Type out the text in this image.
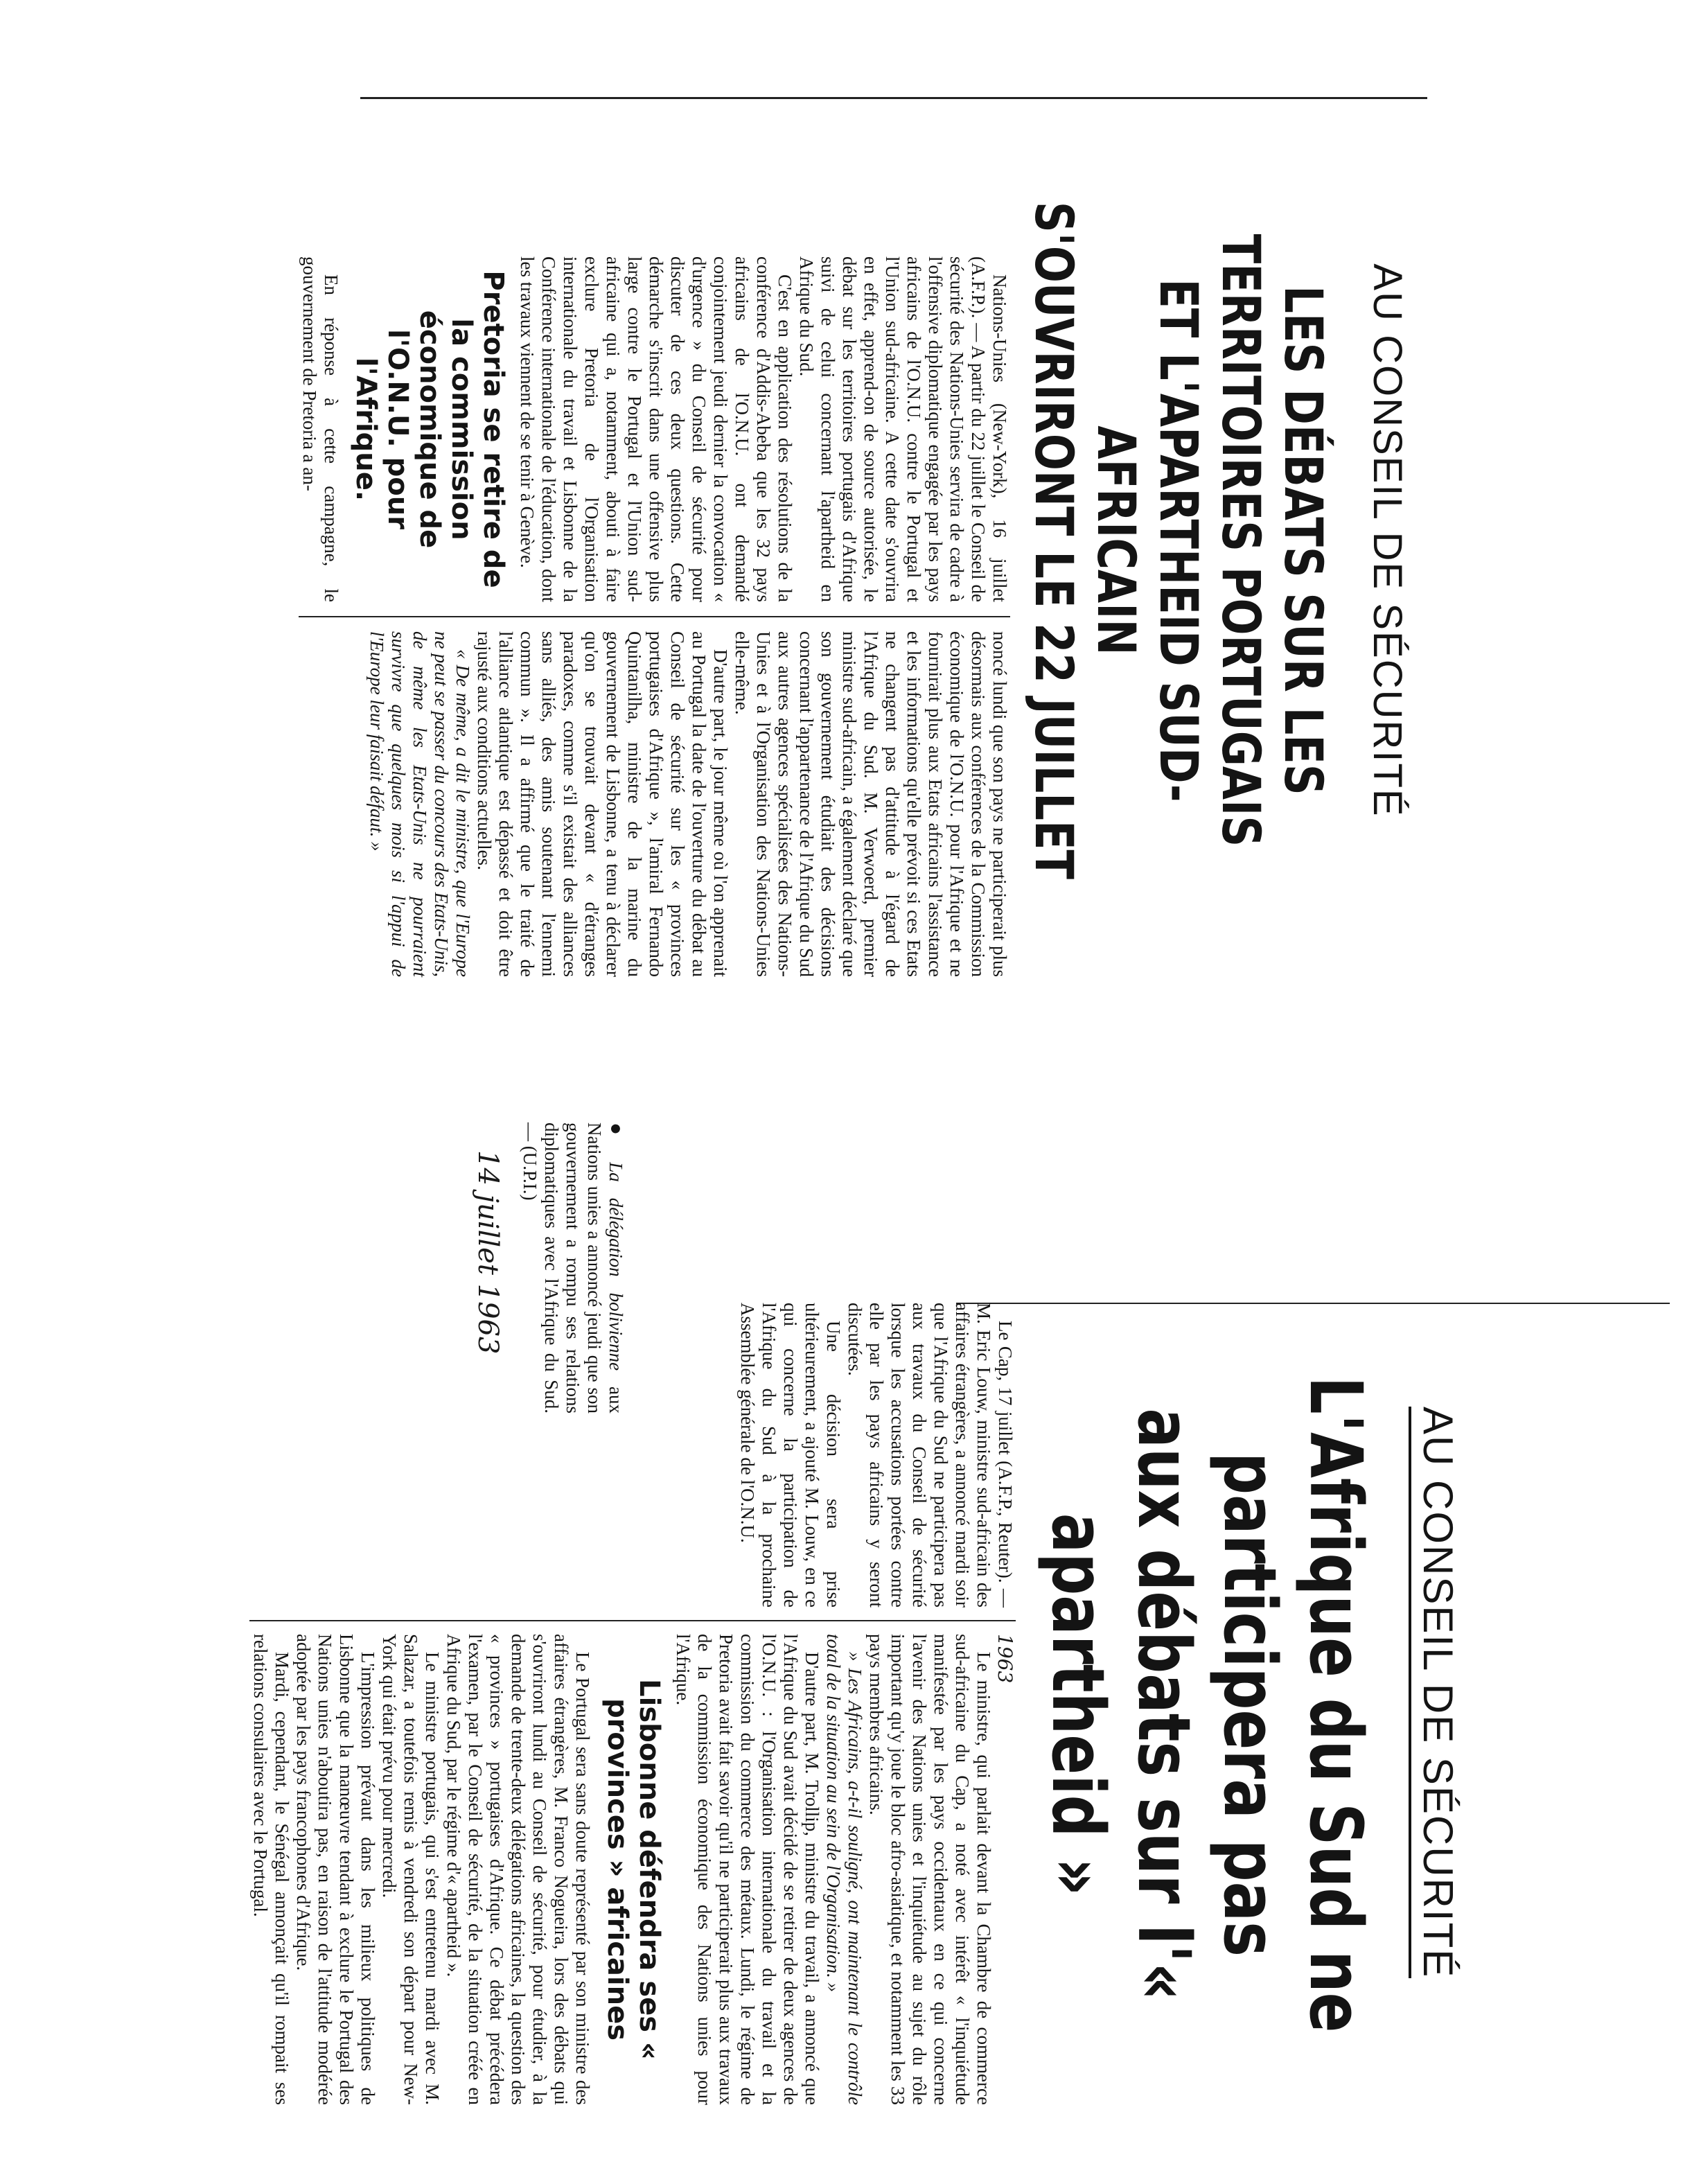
AU CONSEIL DE SÉCURITÉ
LES DÉBATS SUR LES TERRITOIRES PORTUGAIS
ET L'APARTHEID SUD-AFRICAIN
S'OUVRIRONT LE 22 JUILLET

Nations-Unies (New-York), 16 juillet (A.F.P.). — A partir du 22 juillet le Conseil de sécurité des Nations-Unies servira de cadre à l'offensive diplomatique engagée par les pays africains de l'O.N.U. contre le Portugal et l'Union sud-africaine. A cette date s'ouvrira en effet, apprend-on de source autorisée, le débat sur les territoires portugais d'Afrique suivi de celui concernant l'apartheid en Afrique du Sud.

C'est en application des résolutions de la conférence d'Addis-Abeba que les 32 pays africains de l'O.N.U. ont demandé conjointement jeudi dernier la convocation « d'urgence » du Conseil de sécurité pour discuter de ces deux questions. Cette démarche s'inscrit dans une offensive plus large contre le Portugal et l'Union sud-africaine qui a, notamment, abouti à faire exclure Pretoria de l'Organisation internationale du travail et Lisbonne de la Conférence internationale de l'éducation, dont les travaux viennent de se tenir à Genève.

Pretoria se retire de la commission économique de l'O.N.U. pour l'Afrique.

En réponse à cette campagne, le gouvernement de Pretoria a an-

noncé lundi que son pays ne participerait plus désormais aux conférences de la Commission économique de l'O.N.U. pour l'Afrique et ne fournirait plus aux Etats africains l'assistance et les informations qu'elle prévoit si ces Etats ne changent pas d'attitude à l'égard de l'Afrique du Sud. M. Verwoerd, premier ministre sud-africain, a également déclaré que son gouvernement étudiait des décisions concernant l'appartenance de l'Afrique du Sud aux autres agences spécialisées des Nations-Unies et à l'Organisation des Nations-Unies elle-même.

D'autre part, le jour même où l'on apprenait au Portugal la date de l'ouverture du débat au Conseil de sécurité sur les « provinces portugaises d'Afrique », l'amiral Fernando Quintanilha, ministre de la marine du gouvernement de Lisbonne, a tenu à déclarer qu'on se trouvait devant « d'étranges paradoxes, comme s'il existait des alliances sans alliés, des amis soutenant l'ennemi commun ». Il a affirmé que le traité de l'alliance atlantique est dépassé et doit être rajusté aux conditions actuelles.

« De même, a dit le ministre, que l'Europe ne peut se passer du concours des Etats-Unis, de même les Etats-Unis ne pourraient survivre que quelques mois si l'appui de l'Europe leur faisait défaut. »

● La délégation bolivienne aux Nations unies a annoncé jeudi que son gouvernement a rompu ses relations diplomatiques avec l'Afrique du Sud. — (U.P.I.)
14 juillet 1963
AU CONSEIL DE SÉCURITÉ
L'Afrique du Sud ne participera pas
aux débats sur l'« apartheid »

Le Cap, 17 juillet (A.F.P., Reuter). — M. Eric Louw, ministre sud-africain des affaires étrangères, a annoncé mardi soir que l'Afrique du Sud ne participera pas aux travaux du Conseil de sécurité lorsque les accusations portées contre elle par les pays africains y seront discutées.

Une décision sera prise ultérieurement, a ajouté M. Louw, en ce qui concerne la participation de l'Afrique du Sud à la prochaine Assemblée générale de l'O.N.U.

1963

Le ministre, qui parlait devant la Chambre de commerce sud-africaine du Cap, a noté avec intérêt « l'inquiétude manifestée par les pays occidentaux en ce qui concerne l'avenir des Nations unies et l'inquiétude au sujet du rôle important qu'y joue le bloc afro-asiatique, et notamment les 33 pays membres africains.

» Les Africains, a-t-il souligné, ont maintenant le contrôle total de la situation au sein de l'Organisation. »

D'autre part, M. Trollip, ministre du travail, a annoncé que l'Afrique du Sud avait décidé de se retirer de deux agences de l'O.N.U. : l'Organisation internationale du travail et la commission du commerce des métaux. Lundi, le régime de Pretoria avait fait savoir qu'il ne participerait plus aux travaux de la commission économique des Nations unies pour l'Afrique.

Lisbonne défendra ses « provinces » africaines

Le Portugal sera sans doute représenté par son ministre des affaires étrangères, M. Franco Nogueira, lors des débats qui s'ouvriront lundi au Conseil de sécurité, pour étudier, à la demande de trente-deux délégations africaines, la question des « provinces » portugaises d'Afrique. Ce débat précédera l'examen, par le Conseil de sécurité, de la situation créée en Afrique du Sud, par le régime d'« apartheid ».

Le ministre portugais, qui s'est entretenu mardi avec M. Salazar, a toutefois remis à vendredi son départ pour New-York qui était prévu pour mercredi.

L'impression prévaut dans les milieux politiques de Lisbonne que la manœuvre tendant à exclure le Portugal des Nations unies n'aboutira pas, en raison de l'attitude modérée adoptée par les pays francophones d'Afrique.

Mardi, cependant, le Sénégal annonçait qu'il rompait ses relations consulaires avec le Portugal.
